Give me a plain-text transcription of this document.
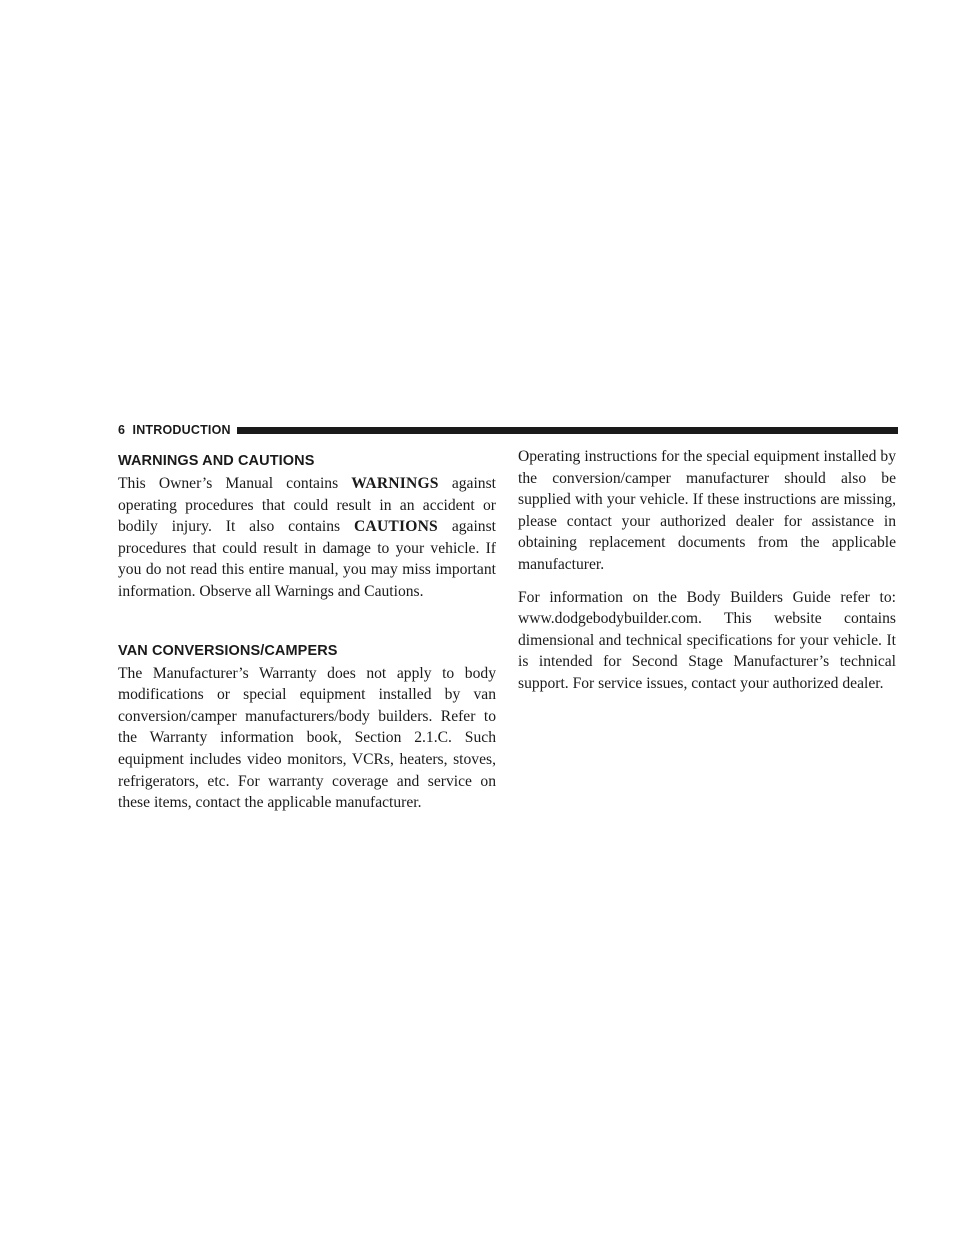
6 INTRODUCTION
WARNINGS AND CAUTIONS

This Owner’s Manual contains WARNINGS against operating procedures that could result in an accident or bodily injury. It also contains CAUTIONS against procedures that could result in damage to your vehicle. If you do not read this entire manual, you may miss important information. Observe all Warnings and Cautions.

VAN CONVERSIONS/CAMPERS

The Manufacturer’s Warranty does not apply to body modifications or special equipment installed by van conversion/camper manufacturers/body builders. Refer to the Warranty information book, Section 2.1.C. Such equipment includes video monitors, VCRs, heaters, stoves, refrigerators, etc. For warranty coverage and service on these items, contact the applicable manufacturer.

Operating instructions for the special equipment installed by the conversion/camper manufacturer should also be supplied with your vehicle. If these instructions are missing, please contact your authorized dealer for assistance in obtaining replacement documents from the applicable manufacturer.

For information on the Body Builders Guide refer to: www.dodgebodybuilder.com. This website contains dimensional and technical specifications for your vehicle. It is intended for Second Stage Manufacturer’s technical support. For service issues, contact your authorized dealer.
